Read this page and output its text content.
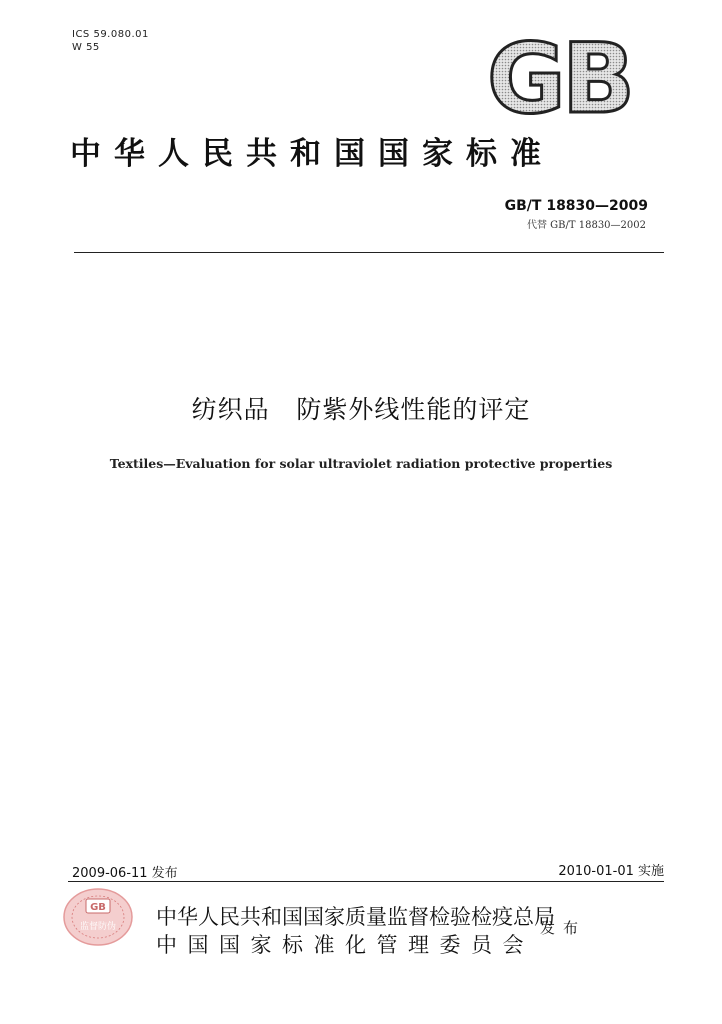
ICS 59.080.01
W 55	GB
中华人民共和国国家标准
GB/T 18830—2009
代替 GB/T 18830—2002
纺织品   防紫外线性能的评定
Textiles—Evaluation for solar ultraviolet radiation protective properties
2009-06-11 发布	2010-01-01 实施
GB
监督防伪 中华人民共和国国家质量监督检验检疫总局
中国国家标准化管理委员会
发布
